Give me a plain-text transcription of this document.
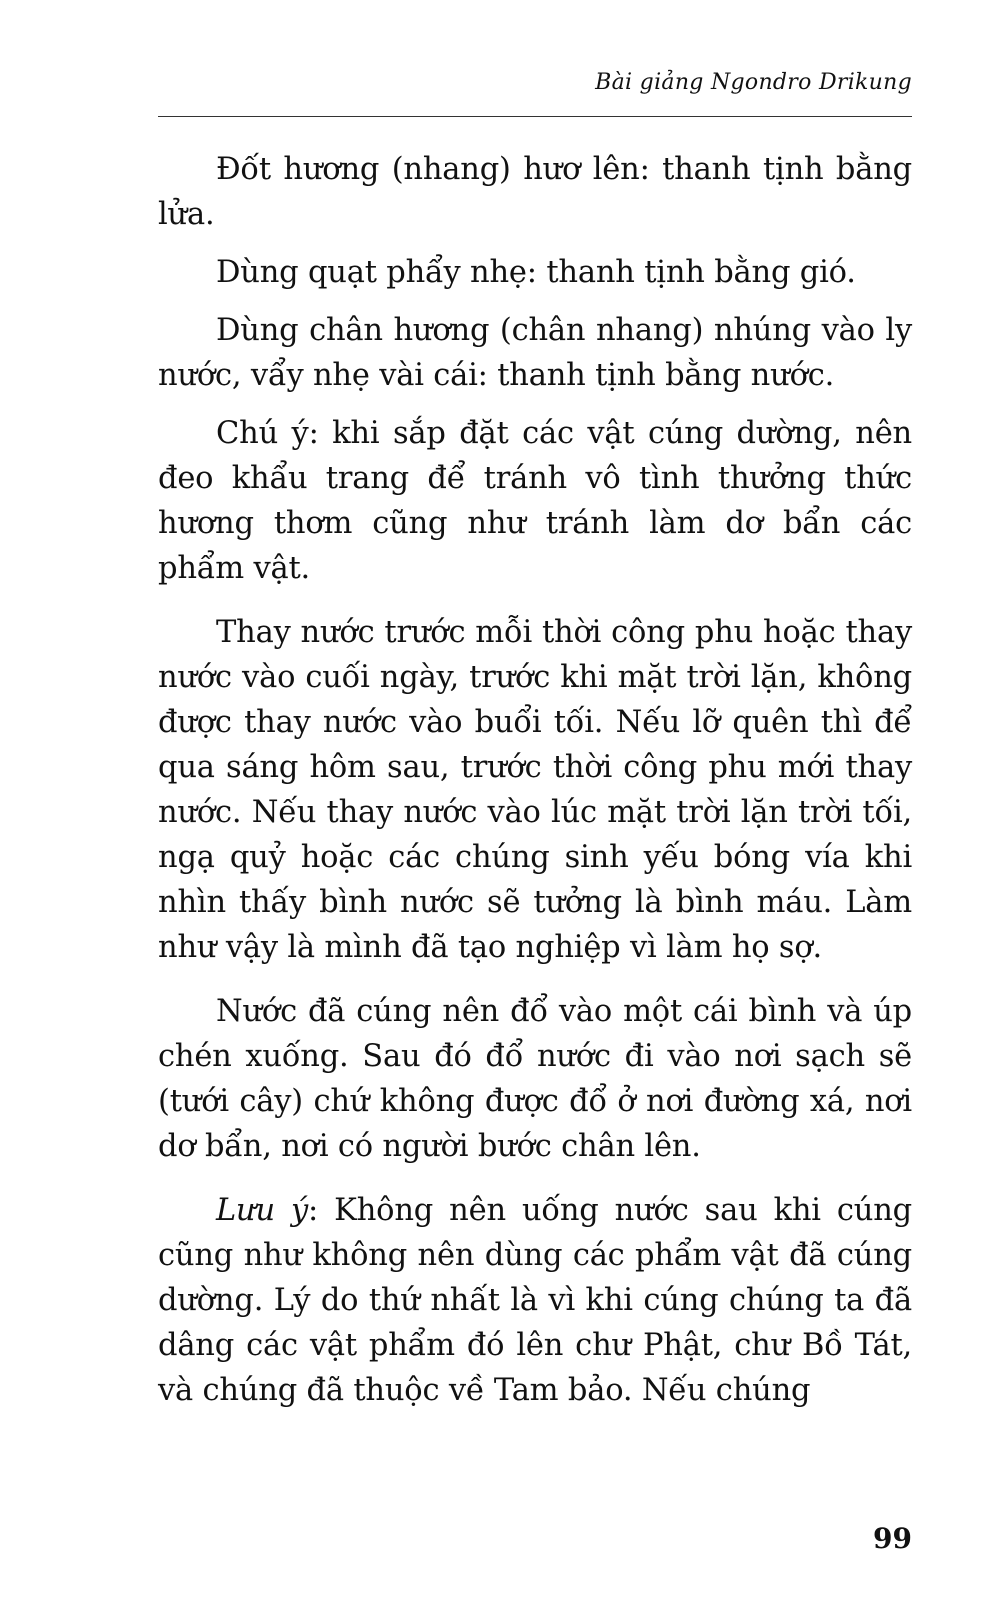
Bài giảng Ngondro Drikung

Đốt hương (nhang) hươ lên: thanh tịnh bằng lửa.

Dùng quạt phẩy nhẹ: thanh tịnh bằng gió.

Dùng chân hương (chân nhang) nhúng vào ly nước, vẩy nhẹ vài cái: thanh tịnh bằng nước.

Chú ý: khi sắp đặt các vật cúng dường, nên đeo khẩu trang để tránh vô tình thưởng thức hương thơm cũng như tránh làm dơ bẩn các phẩm vật.

Thay nước trước mỗi thời công phu hoặc thay nước vào cuối ngày, trước khi mặt trời lặn, không được thay nước vào buổi tối. Nếu lỡ quên thì để qua sáng hôm sau, trước thời công phu mới thay nước. Nếu thay nước vào lúc mặt trời lặn trời tối, ngạ quỷ hoặc các chúng sinh yếu bóng vía khi nhìn thấy bình nước sẽ tưởng là bình máu. Làm như vậy là mình đã tạo nghiệp vì làm họ sợ.

Nước đã cúng nên đổ vào một cái bình và úp chén xuống. Sau đó đổ nước đi vào nơi sạch sẽ (tưới cây) chứ không được đổ ở nơi đường xá, nơi dơ bẩn, nơi có người bước chân lên.

Lưu ý: Không nên uống nước sau khi cúng cũng như không nên dùng các phẩm vật đã cúng dường. Lý do thứ nhất là vì khi cúng chúng ta đã dâng các vật phẩm đó lên chư Phật, chư Bồ Tát, và chúng đã thuộc về Tam bảo. Nếu chúng

99
